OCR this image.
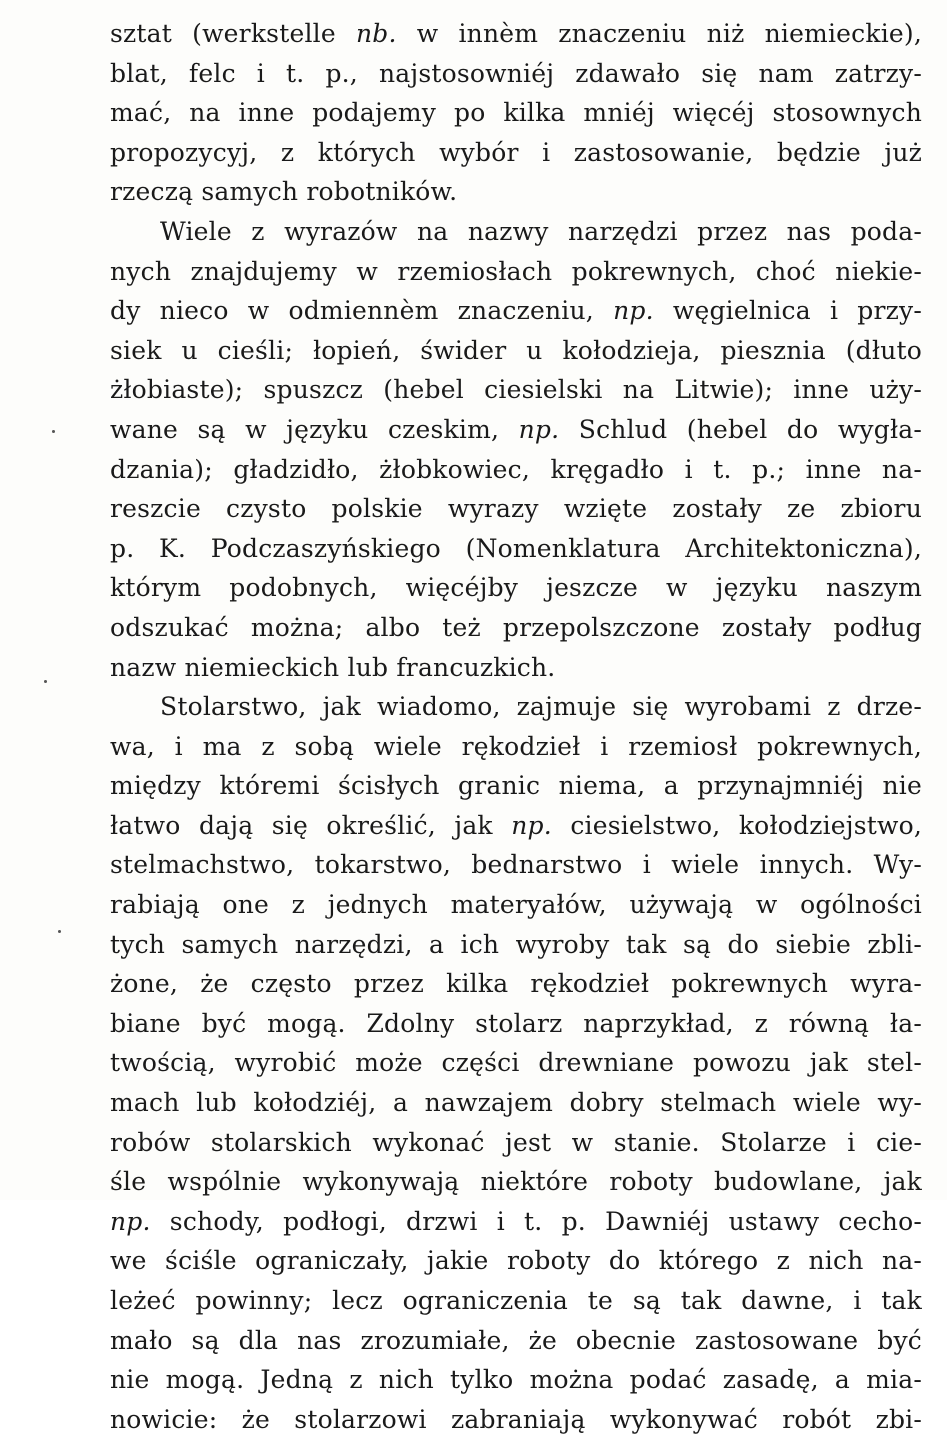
sztat (werkstelle nb. w innèm znaczeniu niż niemieckie),
blat, felc i t. p., najstosowniéj zdawało się nam zatrzy-
mać, na inne podajemy po kilka mniéj więcéj stosownych
propozycyj, z których wybór i zastosowanie, będzie już
rzeczą samych robotników.
Wiele z wyrazów na nazwy narzędzi przez nas poda-
nych znajdujemy w rzemiosłach pokrewnych, choć niekie-
dy nieco w odmiennèm znaczeniu, np. węgielnica i przy-
siek u cieśli; łopień, świder u kołodzieja, piesznia (dłuto
żłobiaste); spuszcz (hebel ciesielski na Litwie); inne uży-
wane są w języku czeskim, np. Schlud (hebel do wygła-
dzania); gładzidło, żłobkowiec, kręgadło i t. p.; inne na-
reszcie czysto polskie wyrazy wzięte zostały ze zbioru
p. K. Podczaszyńskiego (Nomenklatura Architektoniczna),
którym podobnych, więcéjby jeszcze w języku naszym
odszukać można; albo też przepolszczone zostały podług
nazw niemieckich lub francuzkich.
Stolarstwo, jak wiadomo, zajmuje się wyrobami z drze-
wa, i ma z sobą wiele rękodzieł i rzemiosł pokrewnych,
między któremi ścisłych granic niema, a przynajmniéj nie
łatwo dają się określić, jak np. ciesielstwo, kołodziejstwo,
stelmachstwo, tokarstwo, bednarstwo i wiele innych. Wy-
rabiają one z jednych materyałów, używają w ogólności
tych samych narzędzi, a ich wyroby tak są do siebie zbli-
żone, że często przez kilka rękodzieł pokrewnych wyra-
biane być mogą. Zdolny stolarz naprzykład, z równą ła-
twością, wyrobić może części drewniane powozu jak stel-
mach lub kołodziéj, a nawzajem dobry stelmach wiele wy-
robów stolarskich wykonać jest w stanie. Stolarze i cie-
śle wspólnie wykonywają niektóre roboty budowlane, jak
np. schody, podłogi, drzwi i t. p. Dawniéj ustawy cecho-
we ściśle ograniczały, jakie roboty do którego z nich na-
leżeć powinny; lecz ograniczenia te są tak dawne, i tak
mało są dla nas zrozumiałe, że obecnie zastosowane być
nie mogą. Jedną z nich tylko można podać zasadę, a mia-
nowicie: że stolarzowi zabraniają wykonywać robót zbi-
